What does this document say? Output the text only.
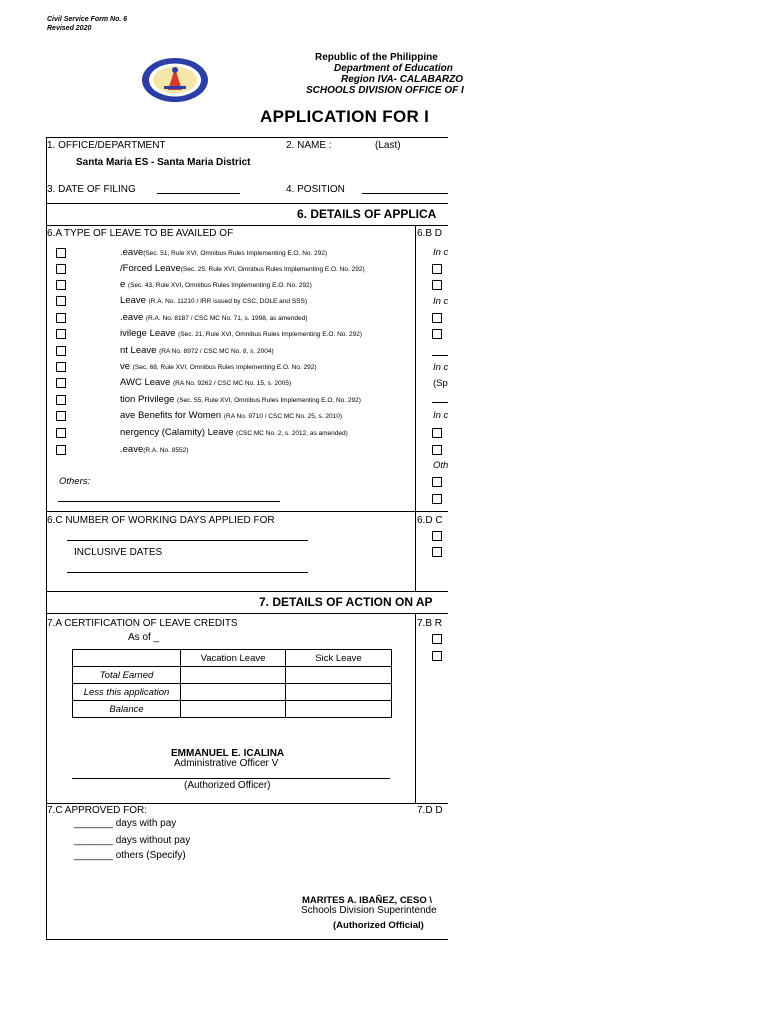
Civil Service Form No. 6
Revised 2020
Republic of the Philippine
Department of Education
Region IVA- CALABARZO
SCHOOLS DIVISION OFFICE OF I
APPLICATION FOR I
1. OFFICE/DEPARTMENT	2. NAME :	(Last)
Santa Maria ES - Santa Maria District
3. DATE OF FILING	4. POSITION
6. DETAILS OF APPLICA
6.A TYPE OF LEAVE TO BE AVAILED OF	6.B D
.eave(Sec. 51, Rule XVI, Omnibus Rules Implementing E.O. No. 292)
/Forced Leave(Sec. 25, Rule XVI, Omnibus Rules Implementing E.O. No. 292)
e (Sec. 43, Rule XVI, Omnibus Rules Implementing E.O. No. 292)
Leave (R.A. No. 11210 / IRR issued by CSC, DOLE and SSS)
.eave (R.A. No. 8187 / CSC MC No. 71, s. 1998, as amended)
ivilege Leave (Sec. 21, Rule XVI, Omnibus Rules Implementing E.O. No. 292)
nt Leave (RA No. 8972 / CSC MC No. 8, s. 2004)
ve (Sec. 68, Rule XVI, Omnibus Rules Implementing E.O. No. 292)
AWC Leave (RA No. 9262 / CSC MC No. 15, s. 2005)
tion Privilege (Sec. 55, Rule XVI, Omnibus Rules Implementing E.O. No. 292)
ave Benefits for Women (RA No. 9710 / CSC MC No. 25, s. 2010)
nergency (Calamity) Leave (CSC MC No. 2, s. 2012, as amended)
.eave(R.A. No. 8552)
Others:
In c
In c
In c
(Sp
In c
Oth
6.C NUMBER OF WORKING DAYS APPLIED FOR	6.D C
INCLUSIVE DATES
7. DETAILS OF ACTION ON AP
7.A CERTIFICATION OF LEAVE CREDITS	7.B R
As of _
	Vacation Leave	Sick Leave
Total Earned		
Less this application		
Balance		
EMMANUEL E. ICALINA
Administrative Officer V
(Authorized Officer)
7.C APPROVED FOR:	7.D D
_______ days with pay
_______ days without pay
_______ others (Specify)
MARITES A. IBAÑEZ, CESO \
Schools Division Superintende
(Authorized Official)
